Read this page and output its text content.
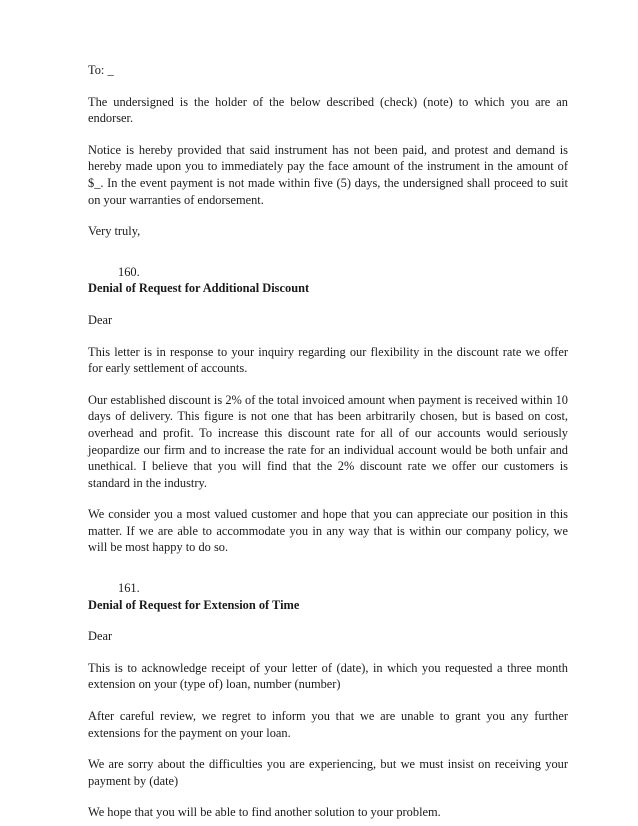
To: _

The undersigned is the holder of the below described (check) (note) to which you are an endorser.

Notice is hereby provided that said instrument has not been paid, and protest and demand is hereby made upon you to immediately pay the face amount of the instrument in the amount of $_. In the event payment is not made within five (5) days, the undersigned shall proceed to suit on your warranties of endorsement.

Very truly,

160.

Denial of Request for Additional Discount

Dear

This letter is in response to your inquiry regarding our flexibility in the discount rate we offer for early settlement of accounts.

Our established discount is 2% of the total invoiced amount when payment is received within 10 days of delivery. This figure is not one that has been arbitrarily chosen, but is based on cost, overhead and profit. To increase this discount rate for all of our accounts would seriously jeopardize our firm and to increase the rate for an individual account would be both unfair and unethical. I believe that you will find that the 2% discount rate we offer our customers is standard in the industry.

We consider you a most valued customer and hope that you can appreciate our position in this matter. If we are able to accommodate you in any way that is within our company policy, we will be most happy to do so.

161.

Denial of Request for Extension of Time

Dear

This is to acknowledge receipt of your letter of (date), in which you requested a three month extension on your (type of) loan, number (number)

After careful review, we regret to inform you that we are unable to grant you any further extensions for the payment on your loan.

We are sorry about the difficulties you are experiencing, but we must insist on receiving your payment by (date)

We hope that you will be able to find another solution to your problem.
